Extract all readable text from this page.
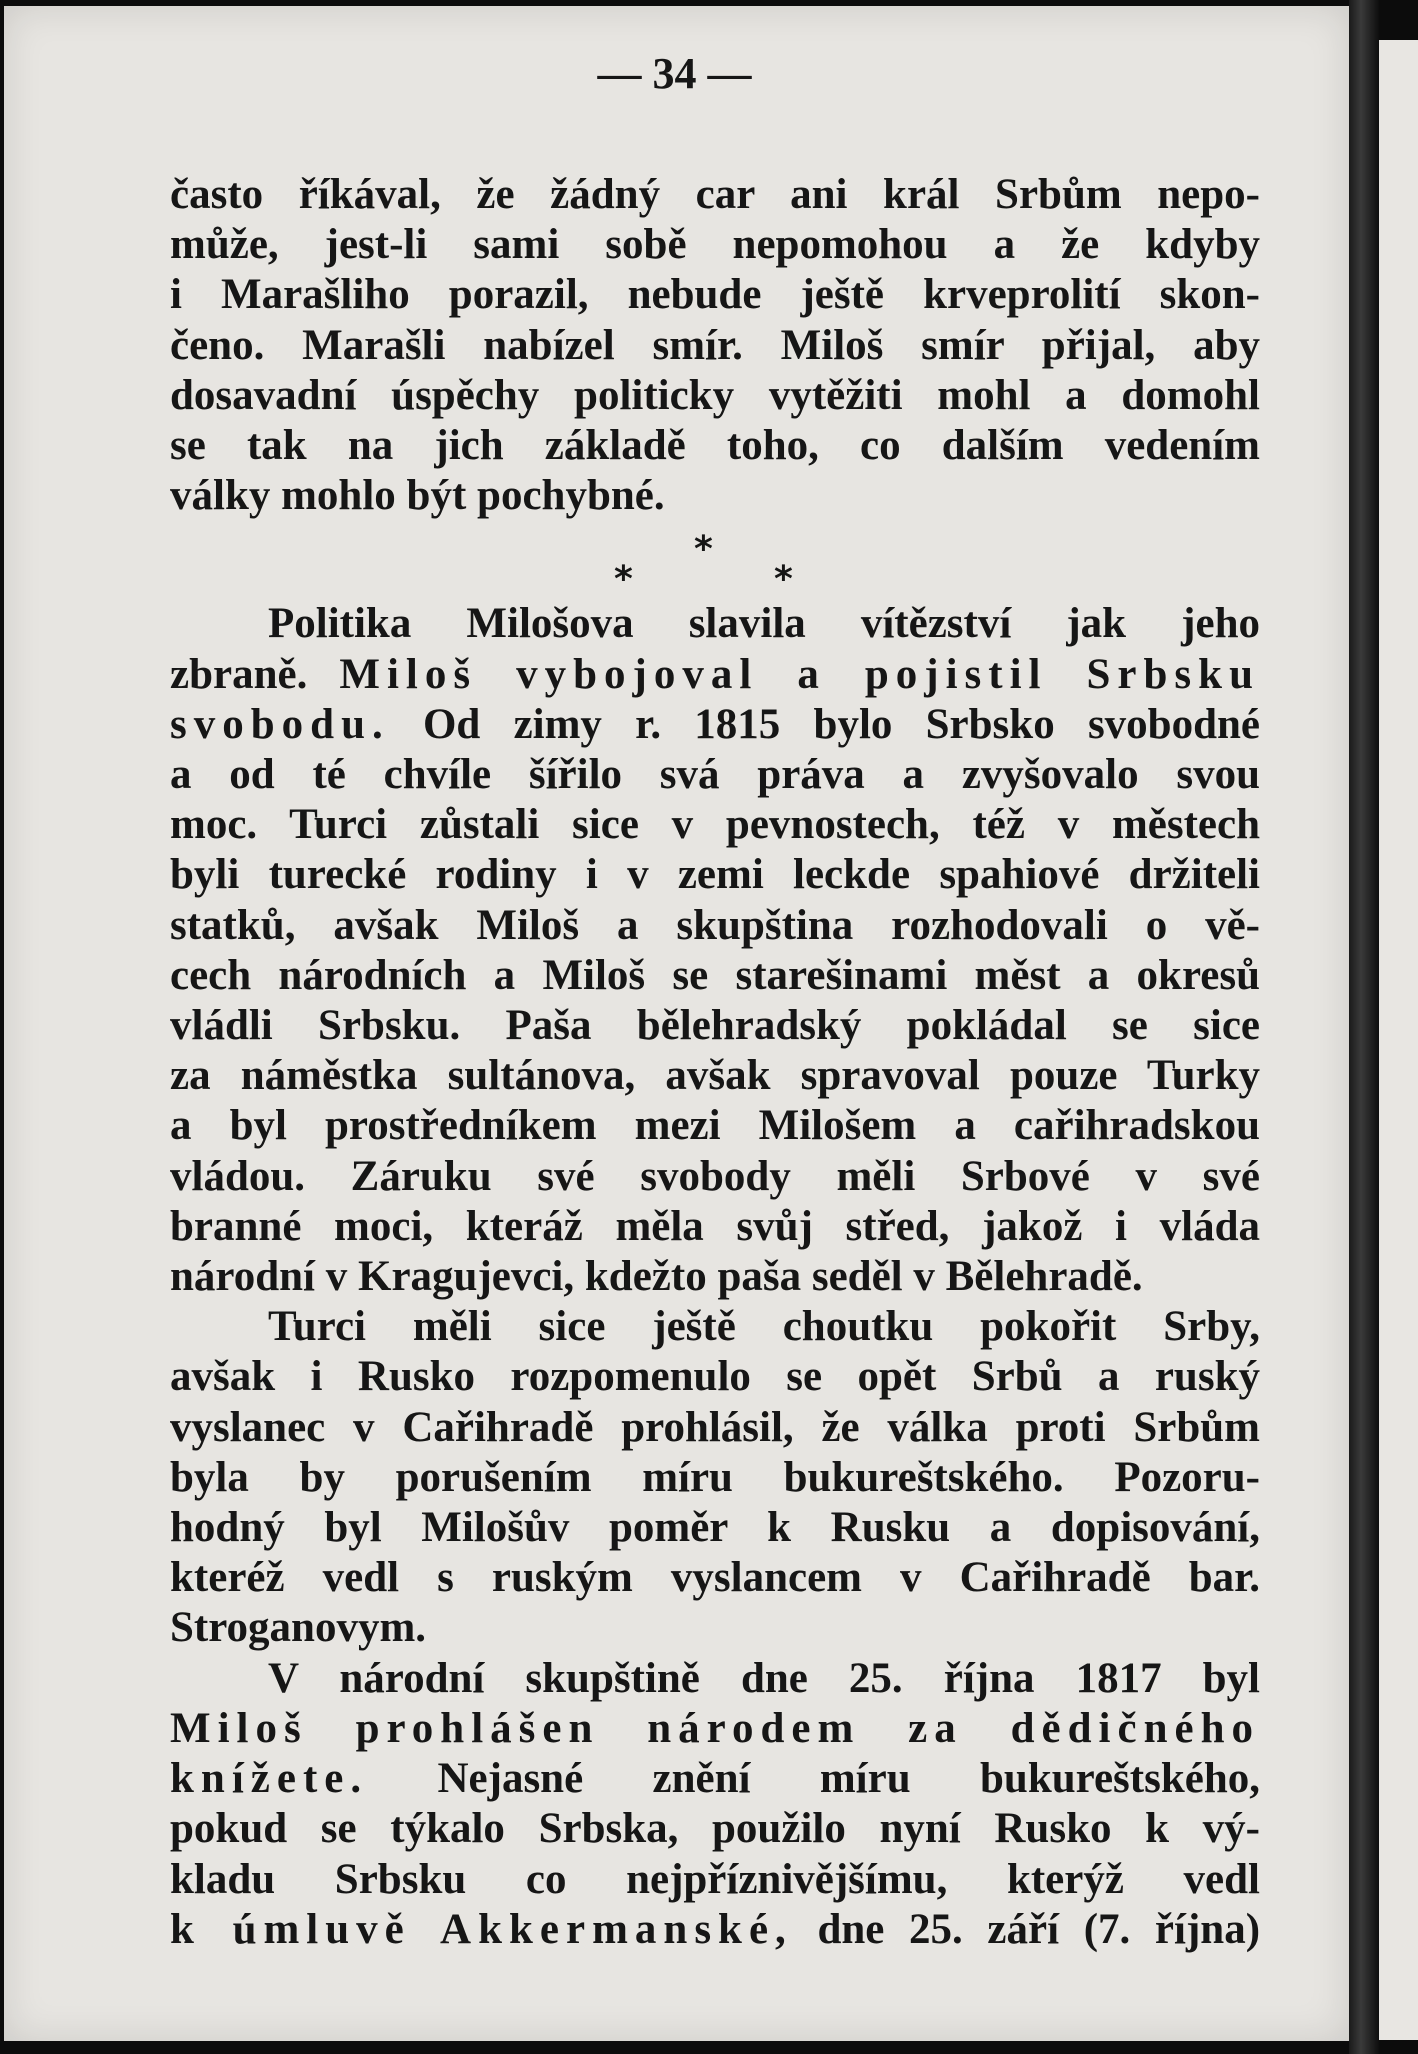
— 34 —
často říkával, že žádný car ani král Srbům nepo-
může, jest-li sami sobě nepomohou a že kdyby
i Marašliho porazil, nebude ještě krveprolití skon-
čeno. Marašli nabízel smír. Miloš smír přijal, aby
dosavadní úspěchy politicky vytěžiti mohl a domohl
se tak na jich základě toho, co dalším vedením
války mohlo být pochybné.
*
*	*
Politika Milošova slavila vítězství jak jeho
zbraně. Miloš vybojoval a pojistil Srbsku
svobodu. Od zimy r. 1815 bylo Srbsko svobodné
a od té chvíle šířilo svá práva a zvyšovalo svou
moc. Turci zůstali sice v pevnostech, též v městech
byli turecké rodiny i v zemi leckde spahiové držiteli
statků, avšak Miloš a skupština rozhodovali o vě-
cech národních a Miloš se starešinami měst a okresů
vládli Srbsku. Paša bělehradský pokládal se sice
za náměstka sultánova, avšak spravoval pouze Turky
a byl prostředníkem mezi Milošem a cařihradskou
vládou. Záruku své svobody měli Srbové v své
branné moci, kteráž měla svůj střed, jakož i vláda
národní v Kragujevci, kdežto paša seděl v Bělehradě.
Turci měli sice ještě choutku pokořit Srby,
avšak i Rusko rozpomenulo se opět Srbů a ruský
vyslanec v Cařihradě prohlásil, že válka proti Srbům
byla by porušením míru bukureštského. Pozoru-
hodný byl Milošův poměr k Rusku a dopisování,
kteréž vedl s ruským vyslancem v Cařihradě bar.
Stroganovym.
V národní skupštině dne 25. října 1817 byl
Miloš prohlášen národem za dědičného
knížete. Nejasné znění míru bukureštského,
pokud se týkalo Srbska, použilo nyní Rusko k vý-
kladu Srbsku co nejpříznivějšímu, kterýž vedl
k úmluvě Akkermanské, dne 25. září (7. října)
